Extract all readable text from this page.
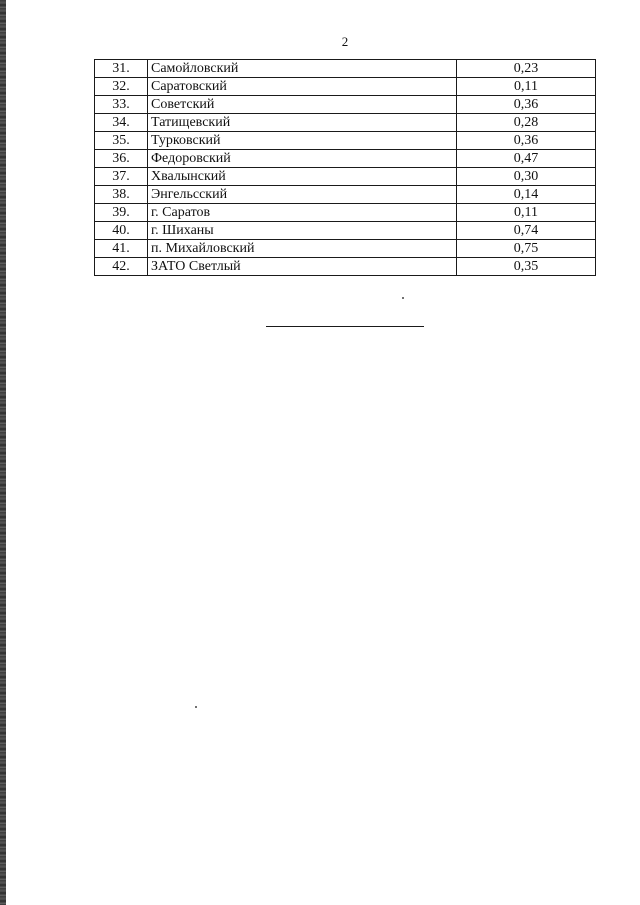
2
31.	Самойловский	0,23
32.	Саратовский	0,11
33.	Советский	0,36
34.	Татищевский	0,28
35.	Турковский	0,36
36.	Федоровский	0,47
37.	Хвалынский	0,30
38.	Энгельсский	0,14
39.	г. Саратов	0,11
40.	г. Шиханы	0,74
41.	п. Михайловский	0,75
42.	ЗАТО Светлый	0,35
